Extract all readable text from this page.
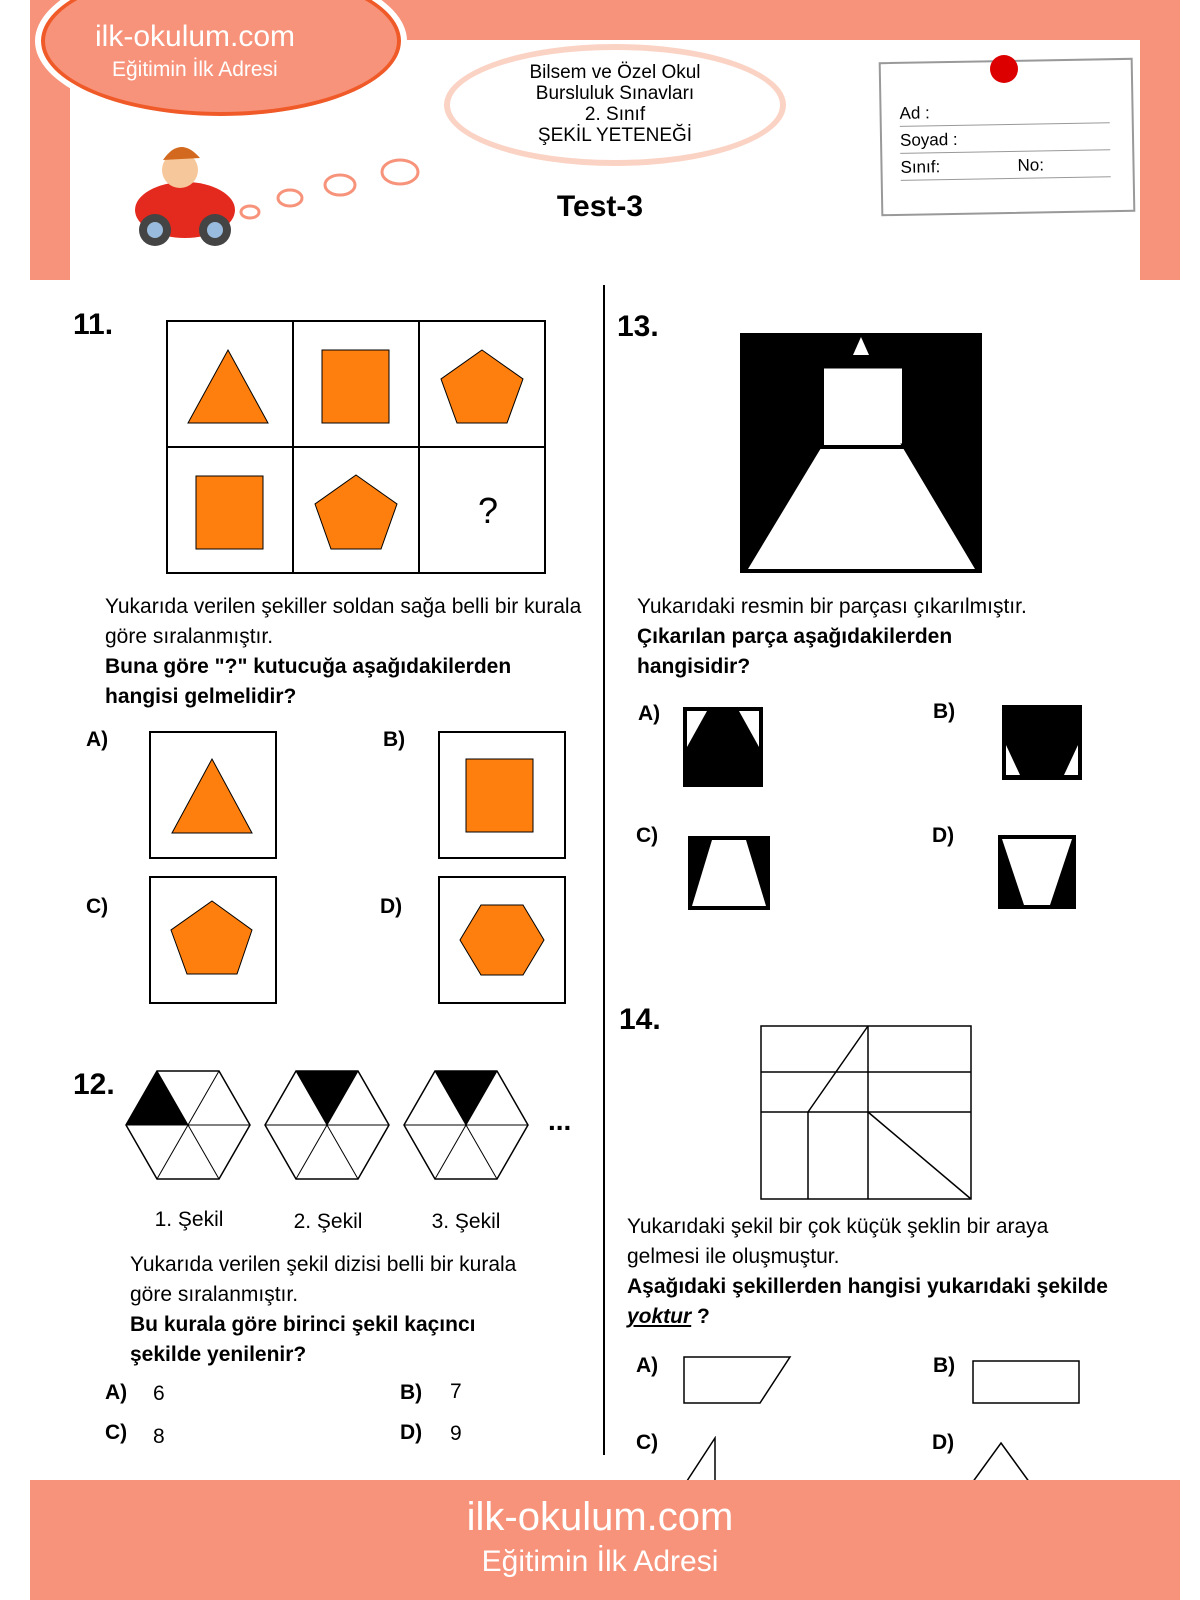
ilk-okulum.com
Eğitimin İlk Adresi	Bilsem ve Özel Okul
Bursluluk Sınavları
2. Sınıf
ŞEKİL YETENEĞİ
Test-3
Ad :
Soyad :
Sınıf:	No:
11.
?
Yukarıda verilen şekiller soldan sağa belli bir kurala göre sıralanmıştır.
Buna göre "?" kutucuğa aşağıdakilerden hangisi gelmelidir?
A)	B)
C)	D)
12.
...
1. Şekil	2. Şekil	3. Şekil
Yukarıda verilen şekil dizisi belli bir kurala göre sıralanmıştır.
Bu kurala göre birinci şekil kaçıncı şekilde yenilenir?
A) 6	B) 7
C) 8	D) 9
13.
Yukarıdaki resmin bir parçası çıkarılmıştır.
Çıkarılan parça aşağıdakilerden hangisidir?
A)	B)
C)	D)
14.
Yukarıdaki şekil bir çok küçük şeklin bir araya gelmesi ile oluşmuştur.
Aşağıdaki şekillerden hangisi yukarıdaki şekilde yoktur ?
A)	B)
C)	D)
ilk-okulum.com
Eğitimin İlk Adresi
